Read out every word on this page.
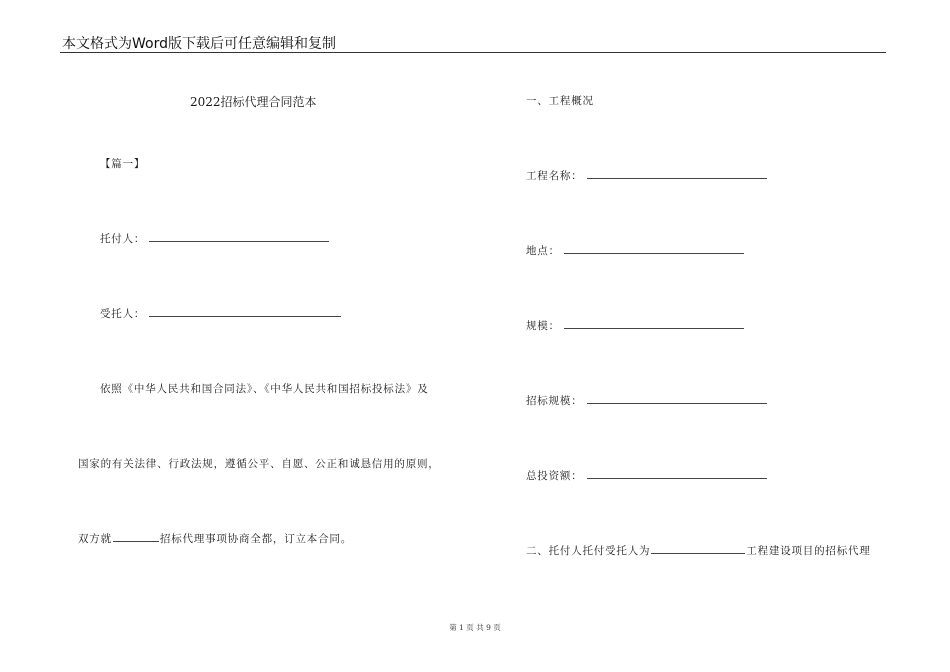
本文格式为Word版下载后可任意编辑和复制
2022招标代理合同范本
【篇一】
托付人：
受托人：
依照《中华人民共和国合同法》、《中华人民共和国招标投标法》及
国家的有关法律、行政法规，遵循公平、自愿、公正和诚恳信用的原则，
双方就	招标代理事项协商全都，订立本合同。
一、工程概况
工程名称：
地点：
规模：
招标规模：
总投资额：
二、托付人托付受托人为	工程建设项目的招标代理
第 1 页 共 9 页
